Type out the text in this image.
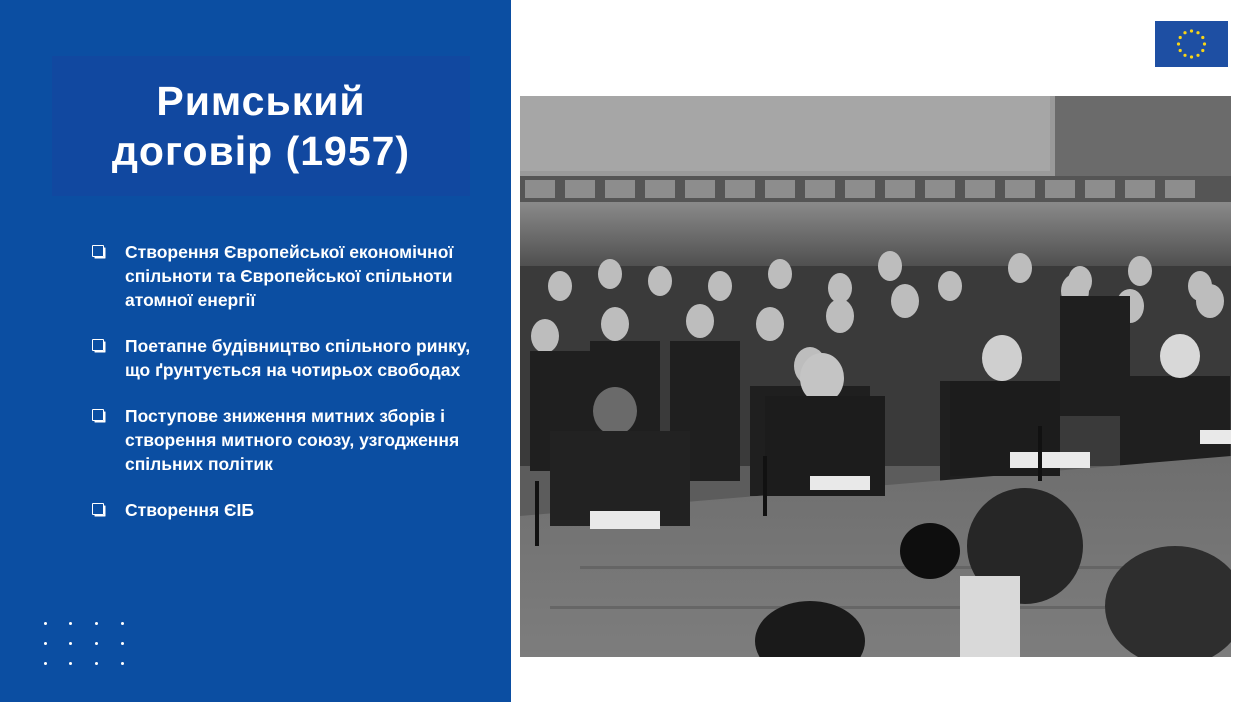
Римський
договір (1957)
Створення Європейської економічної спільноти та Європейської спільноти атомної енергії
Поетапне будівництво спільного ринку, що ґрунтується на чотирьох свободах
Поступове зниження митних зборів і створення митного союзу, узгодження спільних політик
Створення ЄІБ
